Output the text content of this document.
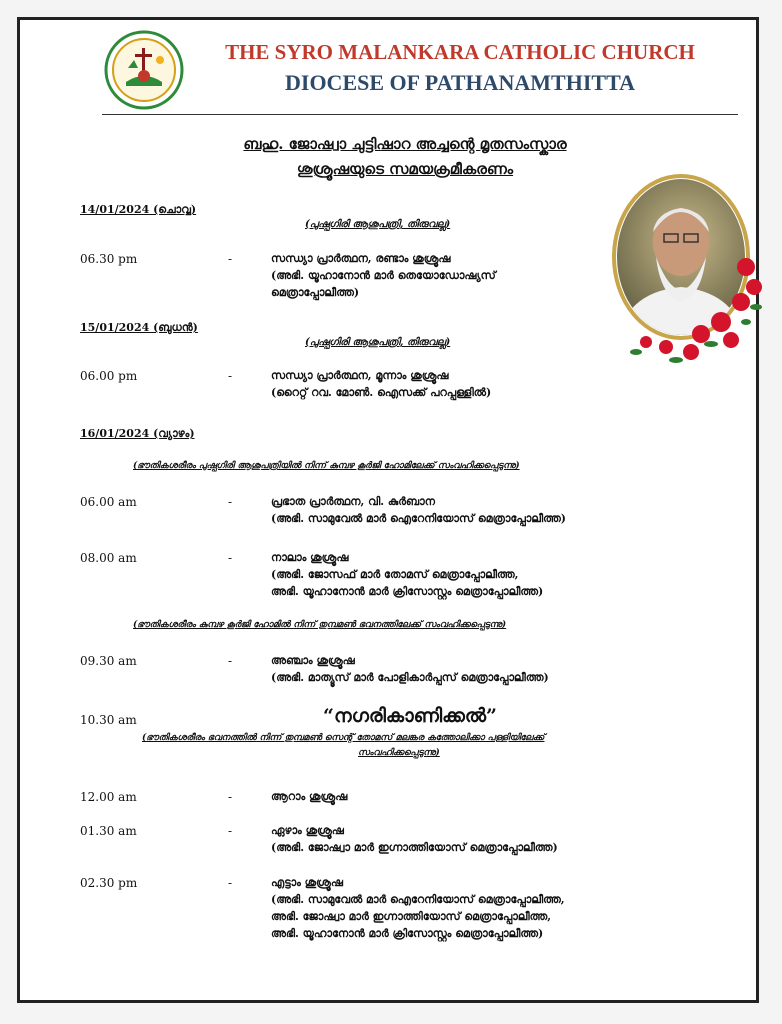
THE SYRO MALANKARA CATHOLIC CHURCH
DIOCESE OF PATHANAMTHITTA
ബഹു. ജോഷ്വാ ചുട്ടിഷാറ അച്ചന്റെ മൃതസംസ്കാര
ശുശ്രൂഷയുടെ സമയക്രമീകരണം
14/01/2024 (ചൊവ്വ)
(പുഷ്പഗിരി ആശുപത്രി, തിരുവല്ല)
06.30 pm	-	സന്ധ്യാ പ്രാർത്ഥന, രണ്ടാം ശുശ്രൂഷ
(അഭി. യൂഹാനോൻ മാർ തെയോഡോഷ്യസ്
മെത്രാപ്പോലീത്ത)
15/01/2024 (ബുധൻ)
(പുഷ്പഗിരി ആശുപത്രി, തിരുവല്ല)
06.00 pm	-	സന്ധ്യാ പ്രാർത്ഥന, മൂന്നാം ശുശ്രൂഷ
(റൈറ്റ് റവ. മോൺ. ഐസക്ക് പറപ്പള്ളിൽ)
16/01/2024 (വ്യാഴം)
(ഭൗതികശരീരം പുഷ്പഗിരി ആശുപത്രിയിൽ നിന്ന് കുമ്പഴ കൂർജി ഹോമിലേക്ക് സംവഹിക്കപ്പെടുന്നു)
06.00 am	-	പ്രഭാത പ്രാർത്ഥന, വി. കുർബാന
(അഭി. സാമുവേൽ മാർ ഐറേനിയോസ് മെത്രാപ്പോലീത്ത)
08.00 am	-	നാലാം ശുശ്രൂഷ
(അഭി. ജോസഫ് മാർ തോമസ് മെത്രാപ്പോലീത്ത,
അഭി. യൂഹാനോൻ മാർ ക്രിസോസ്റ്റം മെത്രാപ്പോലീത്ത)
(ഭൗതികശരീരം കുമ്പഴ കൂർജി ഹോമിൽ നിന്ന് തുമ്പമൺ ഭവനത്തിലേക്ക് സംവഹിക്കപ്പെടുന്നു)
09.30 am	-	അഞ്ചാം ശുശ്രൂഷ
(അഭി. മാത്യൂസ് മാർ പോളികാർപ്പസ് മെത്രാപ്പോലീത്ത)
10.30 am	“നഗരികാണിക്കൽ”
(ഭൗതികശരീരം ഭവനത്തിൽ നിന്ന് തുമ്പമൺ സെന്റ് തോമസ് മലങ്കര കത്തോലിക്കാ പള്ളിയിലേക്ക്
സംവഹിക്കപ്പെടുന്നു)
12.00 am	-	ആറാം ശുശ്രൂഷ
01.30 am	-	ഏഴാം ശുശ്രൂഷ
(അഭി. ജോഷ്വാ മാർ ഇഗ്നാത്തിയോസ് മെത്രാപ്പോലീത്ത)
02.30 pm	-	എട്ടാം ശുശ്രൂഷ
(അഭി. സാമുവേൽ മാർ ഐറേനിയോസ് മെത്രാപ്പോലീത്ത,
അഭി. ജോഷ്വാ മാർ ഇഗ്നാത്തിയോസ് മെത്രാപ്പോലീത്ത,
അഭി. യൂഹാനോൻ മാർ ക്രിസോസ്റ്റം മെത്രാപ്പോലീത്ത)
